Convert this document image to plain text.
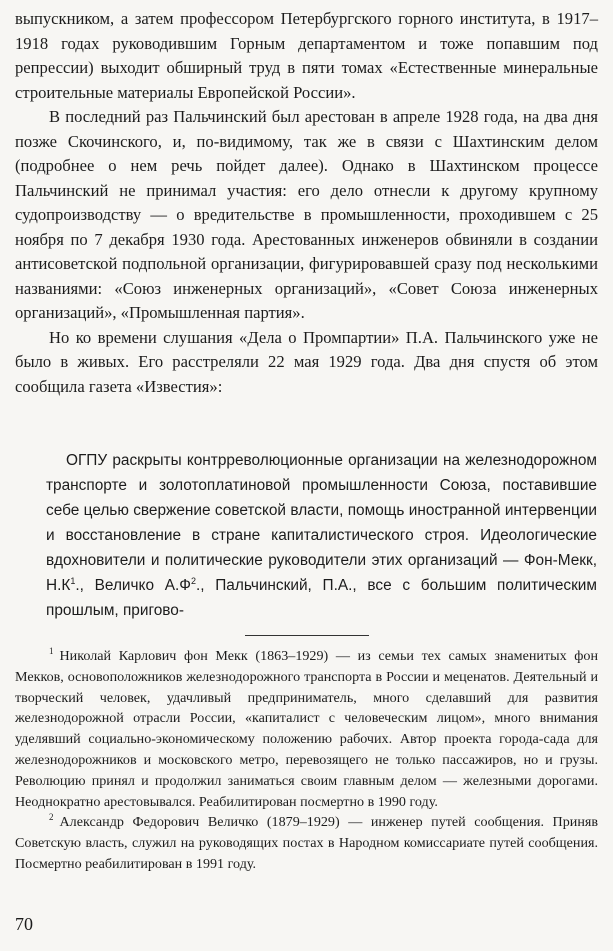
выпускником, а затем профессором Петербургского горного института, в 1917–1918 годах руководившим Горным департаментом и тоже попавшим под репрессии) выходит обширный труд в пяти томах «Естественные минеральные строительные материалы Европейской России».

В последний раз Пальчинский был арестован в апреле 1928 года, на два дня позже Скочинского, и, по-видимому, так же в связи с Шахтинским делом (подробнее о нем речь пойдет далее). Однако в Шахтинском процессе Пальчинский не принимал участия: его дело отнесли к другому крупному судопроизводству — о вредительстве в промышленности, проходившем с 25 ноября по 7 декабря 1930 года. Арестованных инженеров обвиняли в создании антисоветской подпольной организации, фигурировавшей сразу под несколькими названиями: «Союз инженерных организаций», «Совет Союза инженерных организаций», «Промышленная партия».

Но ко времени слушания «Дела о Промпартии» П.А. Пальчинского уже не было в живых. Его расстреляли 22 мая 1929 года. Два дня спустя об этом сообщила газета «Известия»:

ОГПУ раскрыты контрреволюционные организации на железнодорожном транспорте и золотоплатиновой промышленности Союза, поставившие себе целью свержение советской власти, помощь иностранной интервенции и восстановление в стране капиталистического строя. Идеологические вдохновители и политические руководители этих организаций — Фон-Мекк, $Н.К^1$., Величко $А.Ф^2$., Пальчинский, П.А., все с большим политическим прошлым, пригово-

$^1$ Николай Карлович фон Мекк (1863–1929) — из семьи тех самых знаменитых фон Мекков, основоположников железнодорожного транспорта в России и меценатов. Деятельный и творческий человек, удачливый предприниматель, много сделавший для развития железнодорожной отрасли России, «капиталист с человеческим лицом», много внимания уделявший социально-экономическому положению рабочих. Автор проекта города-сада для железнодорожников и московского метро, перевозящего не только пассажиров, но и грузы. Революцию принял и продолжил заниматься своим главным делом — железными дорогами. Неоднократно арестовывался. Реабилитирован посмертно в 1990 году.

$^2$ Александр Федорович Величко (1879–1929) — инженер путей сообщения. Приняв Советскую власть, служил на руководящих постах в Народном комиссариате путей сообщения. Посмертно реабилитирован в 1991 году.

70
